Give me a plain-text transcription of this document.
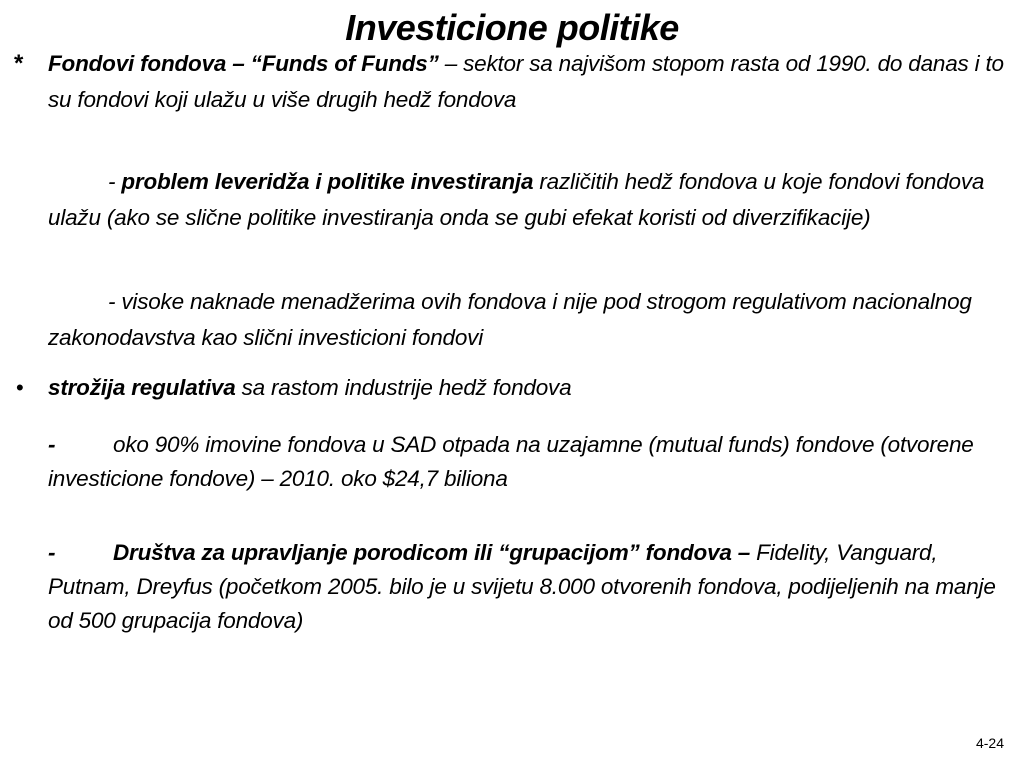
Investicione politike
* Fondovi fondova – “Funds of Funds” – sektor sa najvišom stopom rasta od 1990. do danas i to su fondovi koji ulažu u više drugih hedž fondova
- problem leveridža i politike investiranja različitih hedž fondova u koje fondovi fondova ulažu (ako se slične politike investiranja onda se gubi efekat koristi od diverzifikacije)
- visoke naknade menadžerima ovih fondova i nije pod strogom regulativom nacionalnog zakonodavstva kao slični investicioni fondovi
• strožija regulativa sa rastom industrije hedž fondova
-	oko 90% imovine fondova u SAD otpada na uzajamne (mutual funds) fondove (otvorene investicione fondove) – 2010. oko $24,7 biliona
-	Društva za upravljanje porodicom ili “grupacijom” fondova – Fidelity, Vanguard, Putnam, Dreyfus (početkom 2005. bilo je u svijetu 8.000 otvorenih fondova, podijeljenih na manje od 500 grupacija fondova)
4-24
